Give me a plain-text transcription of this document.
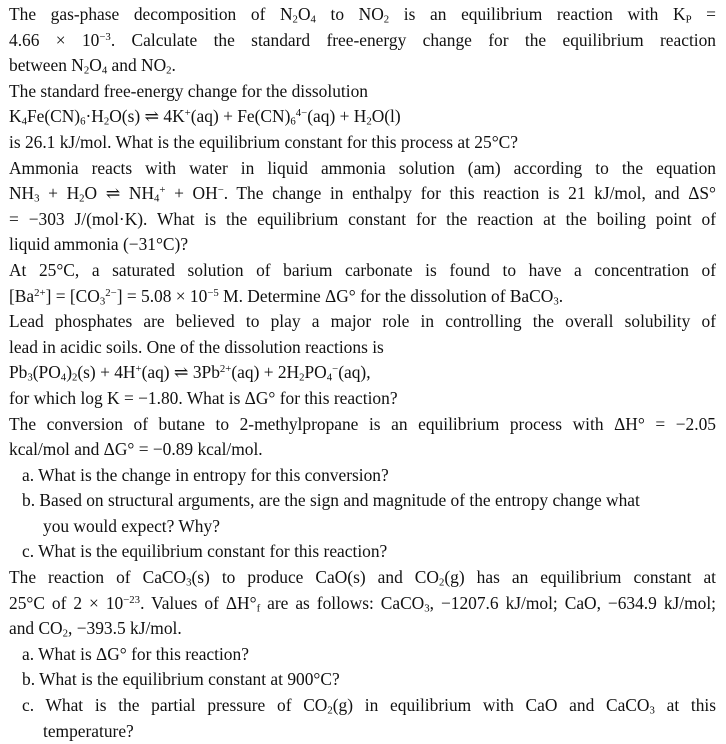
The gas-phase decomposition of $N_2O_4$ to $NO_2$ is an equilibrium reaction with $K_P$ =
$4.66 \times 10^{-3}$. Calculate the standard free-energy change for the equilibrium reaction
between $N_2O_4$ and $NO_2$.
The standard free-energy change for the dissolution
$K_4Fe(CN)_6\cdot H_2O(s)$ ⇌ $4K^+(aq) + Fe(CN)_6^{4-}(aq) + H_2O(l)$
is 26.1 kJ/mol. What is the equilibrium constant for this process at 25°C?
Ammonia reacts with water in liquid ammonia solution (am) according to the equation
$NH_3 + H_2O$ ⇌ $NH_4^+ + OH^-$. The change in enthalpy for this reaction is 21 kJ/mol, and ΔS°
= −303 J/(mol·K). What is the equilibrium constant for the reaction at the boiling point of
liquid ammonia (−31°C)?
At 25°C, a saturated solution of barium carbonate is found to have a concentration of
$[Ba^{2+}] = [CO_3^{2-}] = 5.08 \times 10^{-5}$ M. Determine ΔG° for the dissolution of BaCO$_3$.
Lead phosphates are believed to play a major role in controlling the overall solubility of
lead in acidic soils. One of the dissolution reactions is
$Pb_3(PO_4)_2(s) + 4H^+(aq)$ ⇌ $3Pb^{2+}(aq) + 2H_2PO_4^-(aq)$,
for which log K = −1.80. What is ΔG° for this reaction?
The conversion of butane to 2-methylpropane is an equilibrium process with ΔH° = −2.05
kcal/mol and ΔG° = −0.89 kcal/mol.
a. What is the change in entropy for this conversion?
b. Based on structural arguments, are the sign and magnitude of the entropy change what
you would expect? Why?
c. What is the equilibrium constant for this reaction?
The reaction of CaCO$_3$(s) to produce CaO(s) and $CO_2(g)$ has an equilibrium constant at
25°C of $2 \times 10^{-23}$. Values of $\Delta H^\circ_f$ are as follows: CaCO$_3$, −1207.6 kJ/mol; CaO, −634.9 kJ/mol;
and $CO_2$, −393.5 kJ/mol.
a. What is ΔG° for this reaction?
b. What is the equilibrium constant at 900°C?
c. What is the partial pressure of $CO_2(g)$ in equilibrium with CaO and CaCO$_3$ at this
temperature?
